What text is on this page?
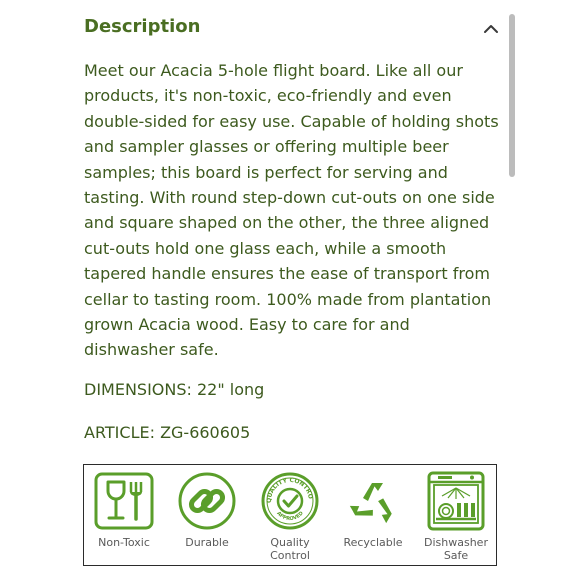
Description

Meet our Acacia 5-hole flight board. Like all our products, it's non-toxic, eco-friendly and even double-sided for easy use. Capable of holding shots and sampler glasses or offering multiple beer samples; this board is perfect for serving and tasting. With round step-down cut-outs on one side and square shaped on the other, the three aligned cut-outs hold one glass each, while a smooth tapered handle ensures the ease of transport from cellar to tasting room. 100% made from plantation grown Acacia wood. Easy to care for and dishwasher safe.

DIMENSIONS: 22" long
ARTICLE: ZG-660605
Non-Toxic	Durable
QUALITY CONTRO
APPROVED
Quality Control
Recyclable	Dishwasher Safe
